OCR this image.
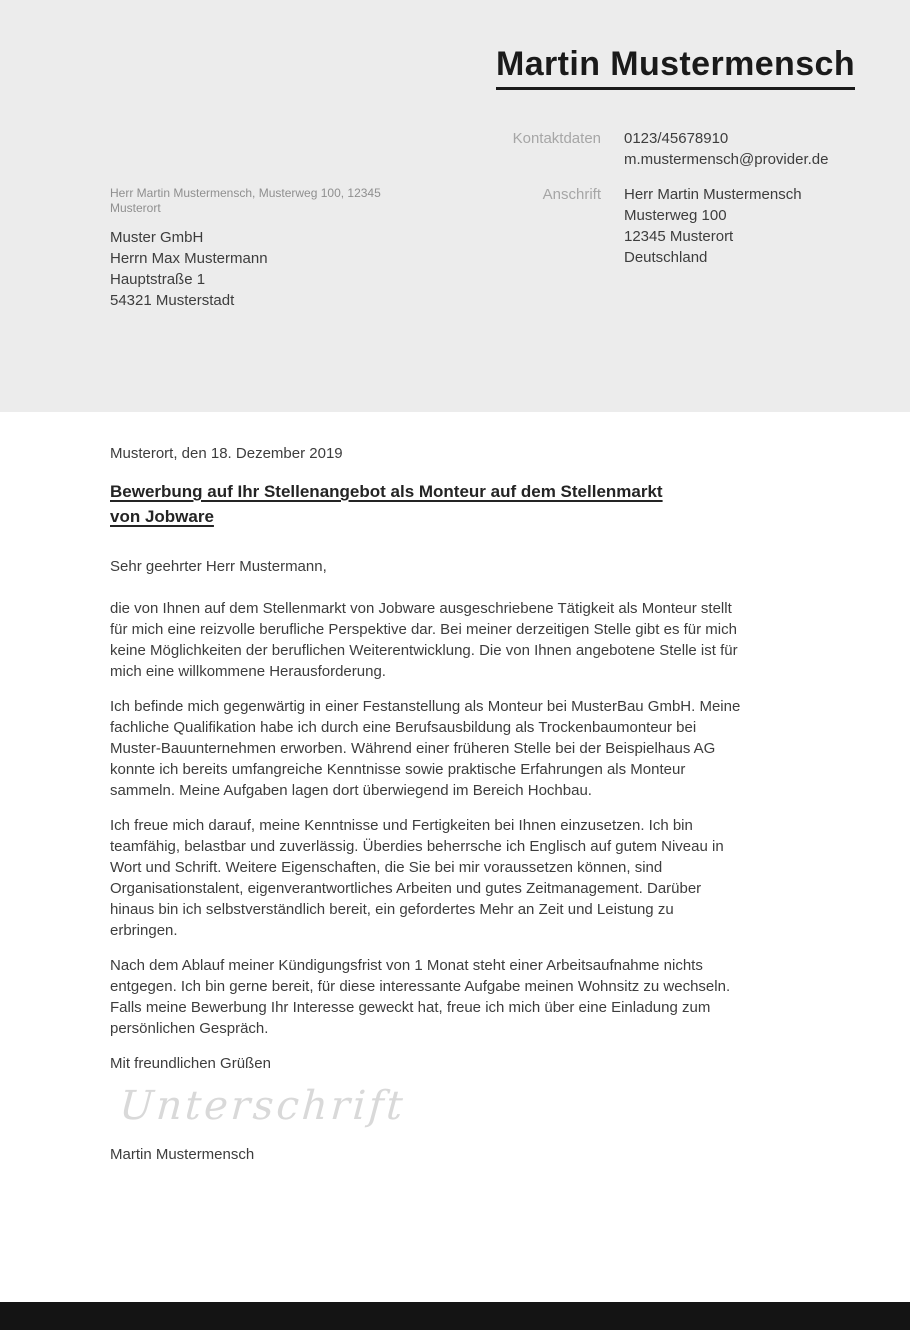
Martin Mustermensch
Kontaktdaten 0123/45678910
m.mustermensch@provider.de
Anschrift Herr Martin Mustermensch
Musterweg 100
12345 Musterort
Deutschland
Herr Martin Mustermensch, Musterweg 100, 12345 Musterort
Muster GmbH
Herrn Max Mustermann
Hauptstraße 1
54321 Musterstadt
Musterort, den 18. Dezember 2019
Bewerbung auf Ihr Stellenangebot als Monteur auf dem Stellenmarkt
von Jobware
Sehr geehrter Herr Mustermann,

die von Ihnen auf dem Stellenmarkt von Jobware ausgeschriebene Tätigkeit als Monteur stellt für mich eine reizvolle berufliche Perspektive dar. Bei meiner derzeitigen Stelle gibt es für mich keine Möglichkeiten der beruflichen Weiterentwicklung. Die von Ihnen angebotene Stelle ist für mich eine willkommene Herausforderung.

Ich befinde mich gegenwärtig in einer Festanstellung als Monteur bei MusterBau GmbH. Meine fachliche Qualifikation habe ich durch eine Berufsausbildung als Trockenbaumonteur bei Muster-Bauunternehmen erworben. Während einer früheren Stelle bei der Beispielhaus AG konnte ich bereits umfangreiche Kenntnisse sowie praktische Erfahrungen als Monteur sammeln. Meine Aufgaben lagen dort überwiegend im Bereich Hochbau.

Ich freue mich darauf, meine Kenntnisse und Fertigkeiten bei Ihnen einzusetzen. Ich bin teamfähig, belastbar und zuverlässig. Überdies beherrsche ich Englisch auf gutem Niveau in Wort und Schrift. Weitere Eigenschaften, die Sie bei mir voraussetzen können, sind Organisationstalent, eigenverantwortliches Arbeiten und gutes Zeitmanagement. Darüber hinaus bin ich selbstverständlich bereit, ein gefordertes Mehr an Zeit und Leistung zu erbringen.

Nach dem Ablauf meiner Kündigungsfrist von 1 Monat steht einer Arbeitsaufnahme nichts entgegen. Ich bin gerne bereit, für diese interessante Aufgabe meinen Wohnsitz zu wechseln. Falls meine Bewerbung Ihr Interesse geweckt hat, freue ich mich über eine Einladung zum persönlichen Gespräch.

Mit freundlichen Grüßen
Unterschrift
Martin Mustermensch
